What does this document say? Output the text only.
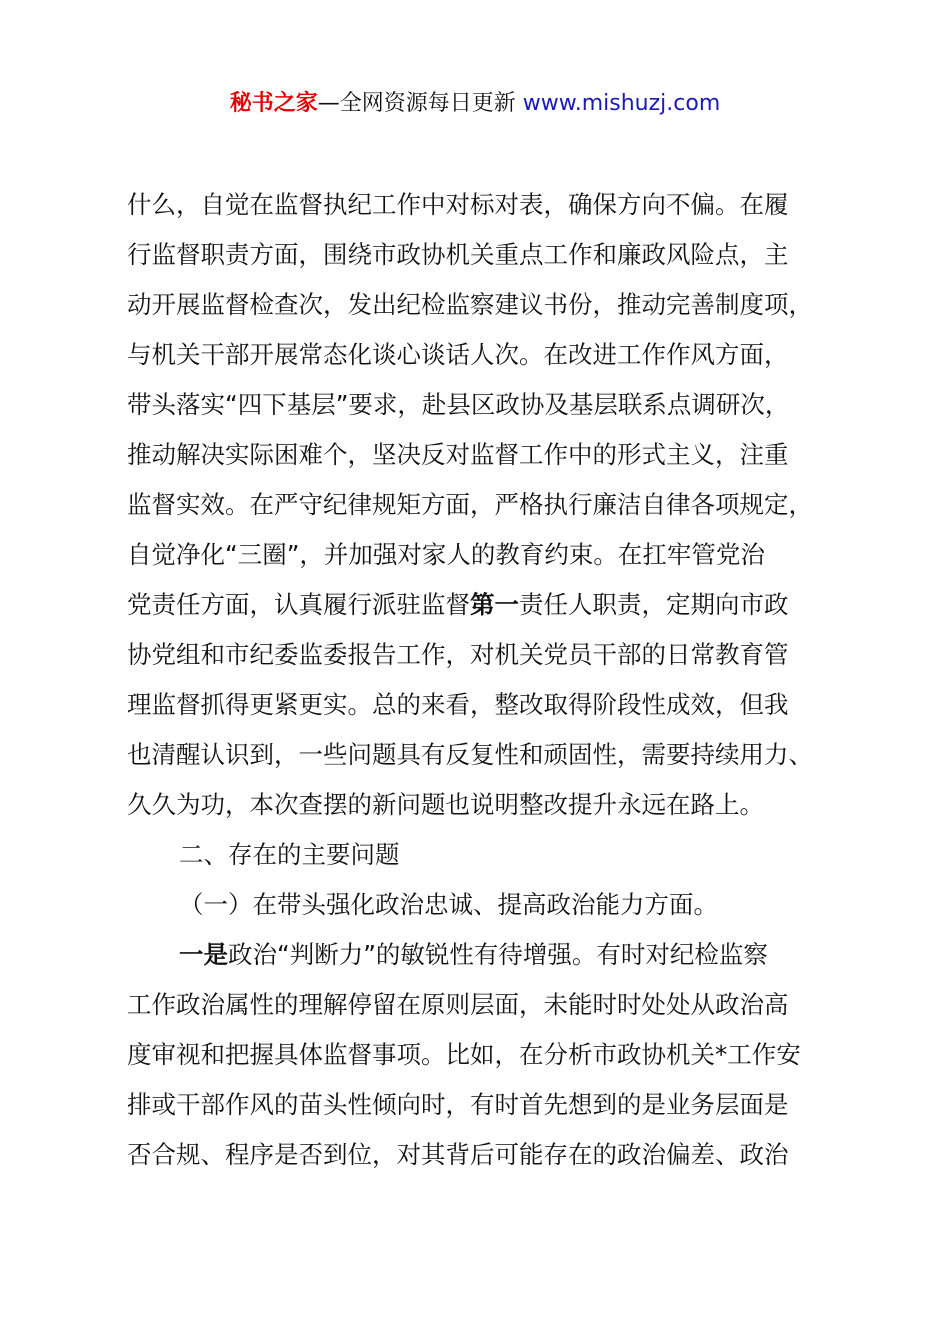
秘书之家—全网资源每日更新 www.mishuzj.com
什么，自觉在监督执纪工作中对标对表，确保方向不偏。在履
行监督职责方面，围绕市政协机关重点工作和廉政风险点，主
动开展监督检查次，发出纪检监察建议书份，推动完善制度项，
与机关干部开展常态化谈心谈话人次。在改进工作作风方面，
带头落实“四下基层”要求，赴县区政协及基层联系点调研次，
推动解决实际困难个，坚决反对监督工作中的形式主义，注重
监督实效。在严守纪律规矩方面，严格执行廉洁自律各项规定，
自觉净化“三圈”，并加强对家人的教育约束。在扛牢管党治
党责任方面，认真履行派驻监督第一责任人职责，定期向市政
协党组和市纪委监委报告工作，对机关党员干部的日常教育管
理监督抓得更紧更实。总的来看，整改取得阶段性成效，但我
也清醒认识到，一些问题具有反复性和顽固性，需要持续用力、
久久为功，本次查摆的新问题也说明整改提升永远在路上。
二、存在的主要问题
（一）在带头强化政治忠诚、提高政治能力方面。
一是政治“判断力”的敏锐性有待增强。有时对纪检监察
工作政治属性的理解停留在原则层面，未能时时处处从政治高
度审视和把握具体监督事项。比如，在分析市政协机关*工作安
排或干部作风的苗头性倾向时，有时首先想到的是业务层面是
否合规、程序是否到位，对其背后可能存在的政治偏差、政治
